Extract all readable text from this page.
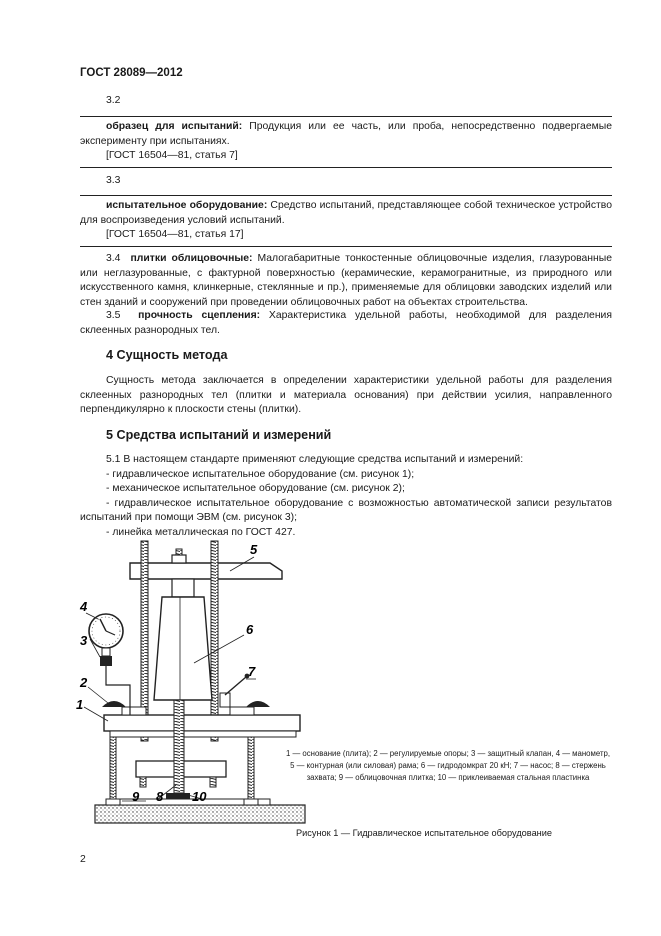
ГОСТ 28089—2012
3.2

образец для испытаний: Продукция или ее часть, или проба, непосредственно подвергаемые эксперименту при испытаниях.

[ГОСТ 16504—81, статья 7]

3.3

испытательное оборудование: Средство испытаний, представляющее собой техническое устройство для воспроизведения условий испытаний.

[ГОСТ 16504—81, статья 17]

3.4 плитки облицовочные: Малогабаритные тонкостенные облицовочные изделия, глазурованные или неглазурованные, с фактурной поверхностью (керамические, керамогранитные, из природного или искусственного камня, клинкерные, стеклянные и пр.), применяемые для облицовки заводских изделий или стен зданий и сооружений при проведении облицовочных работ на объектах строительства.

3.5 прочность сцепления: Характеристика удельной работы, необходимой для разделения склеенных разнородных тел.

4 Сущность метода

Сущность метода заключается в определении характеристики удельной работы для разделения склеенных разнородных тел (плитки и материала основания) при действии усилия, направленного перпендикулярно к плоскости стены (плитки).

5 Средства испытаний и измерений
5.1 В настоящем стандарте применяют следующие средства испытаний и измерений:
- гидравлическое испытательное оборудование (см. рисунок 1);
- механическое испытательное оборудование (см. рисунок 2);
- гидравлическое испытательное оборудование с возможностью автоматической записи результатов испытаний при помощи ЭВМ (см. рисунок 3);
- линейка металлическая по ГОСТ 427.
5
6
4
3
2
1
7
9 8 10
1 — основание (плита); 2 — регулируемые опоры; 3 — защитный клапан, 4 — манометр, 5 — контурная (или силовая) рама; 6 — гидродомкрат 20 кН; 7 — насос; 8 — стержень захвата; 9 — облицовочная плитка; 10 — приклеиваемая стальная пластинка
Рисунок 1 — Гидравлическое испытательное оборудование
2
